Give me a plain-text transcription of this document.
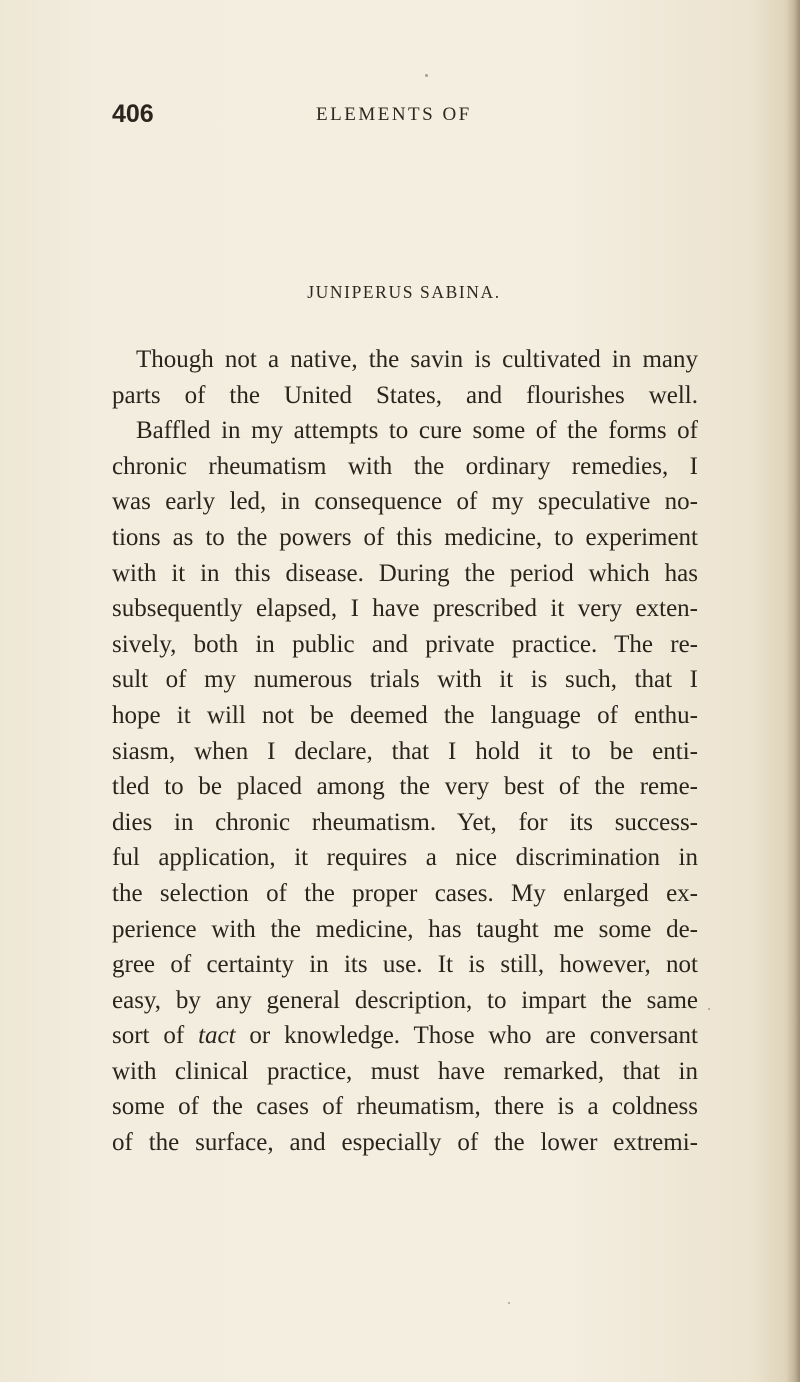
406	ELEMENTS OF
JUNIPERUS SABINA.
Though not a native, the savin is cultivated in many
parts of the United States, and flourishes well.
Baffled in my attempts to cure some of the forms of
chronic rheumatism with the ordinary remedies, I
was early led, in consequence of my speculative no-
tions as to the powers of this medicine, to experiment
with it in this disease. During the period which has
subsequently elapsed, I have prescribed it very exten-
sively, both in public and private practice. The re-
sult of my numerous trials with it is such, that I
hope it will not be deemed the language of enthu-
siasm, when I declare, that I hold it to be enti-
tled to be placed among the very best of the reme-
dies in chronic rheumatism. Yet, for its success-
ful application, it requires a nice discrimination in
the selection of the proper cases. My enlarged ex-
perience with the medicine, has taught me some de-
gree of certainty in its use. It is still, however, not
easy, by any general description, to impart the same
sort of tact or knowledge. Those who are conversant
with clinical practice, must have remarked, that in
some of the cases of rheumatism, there is a coldness
of the surface, and especially of the lower extremi-
